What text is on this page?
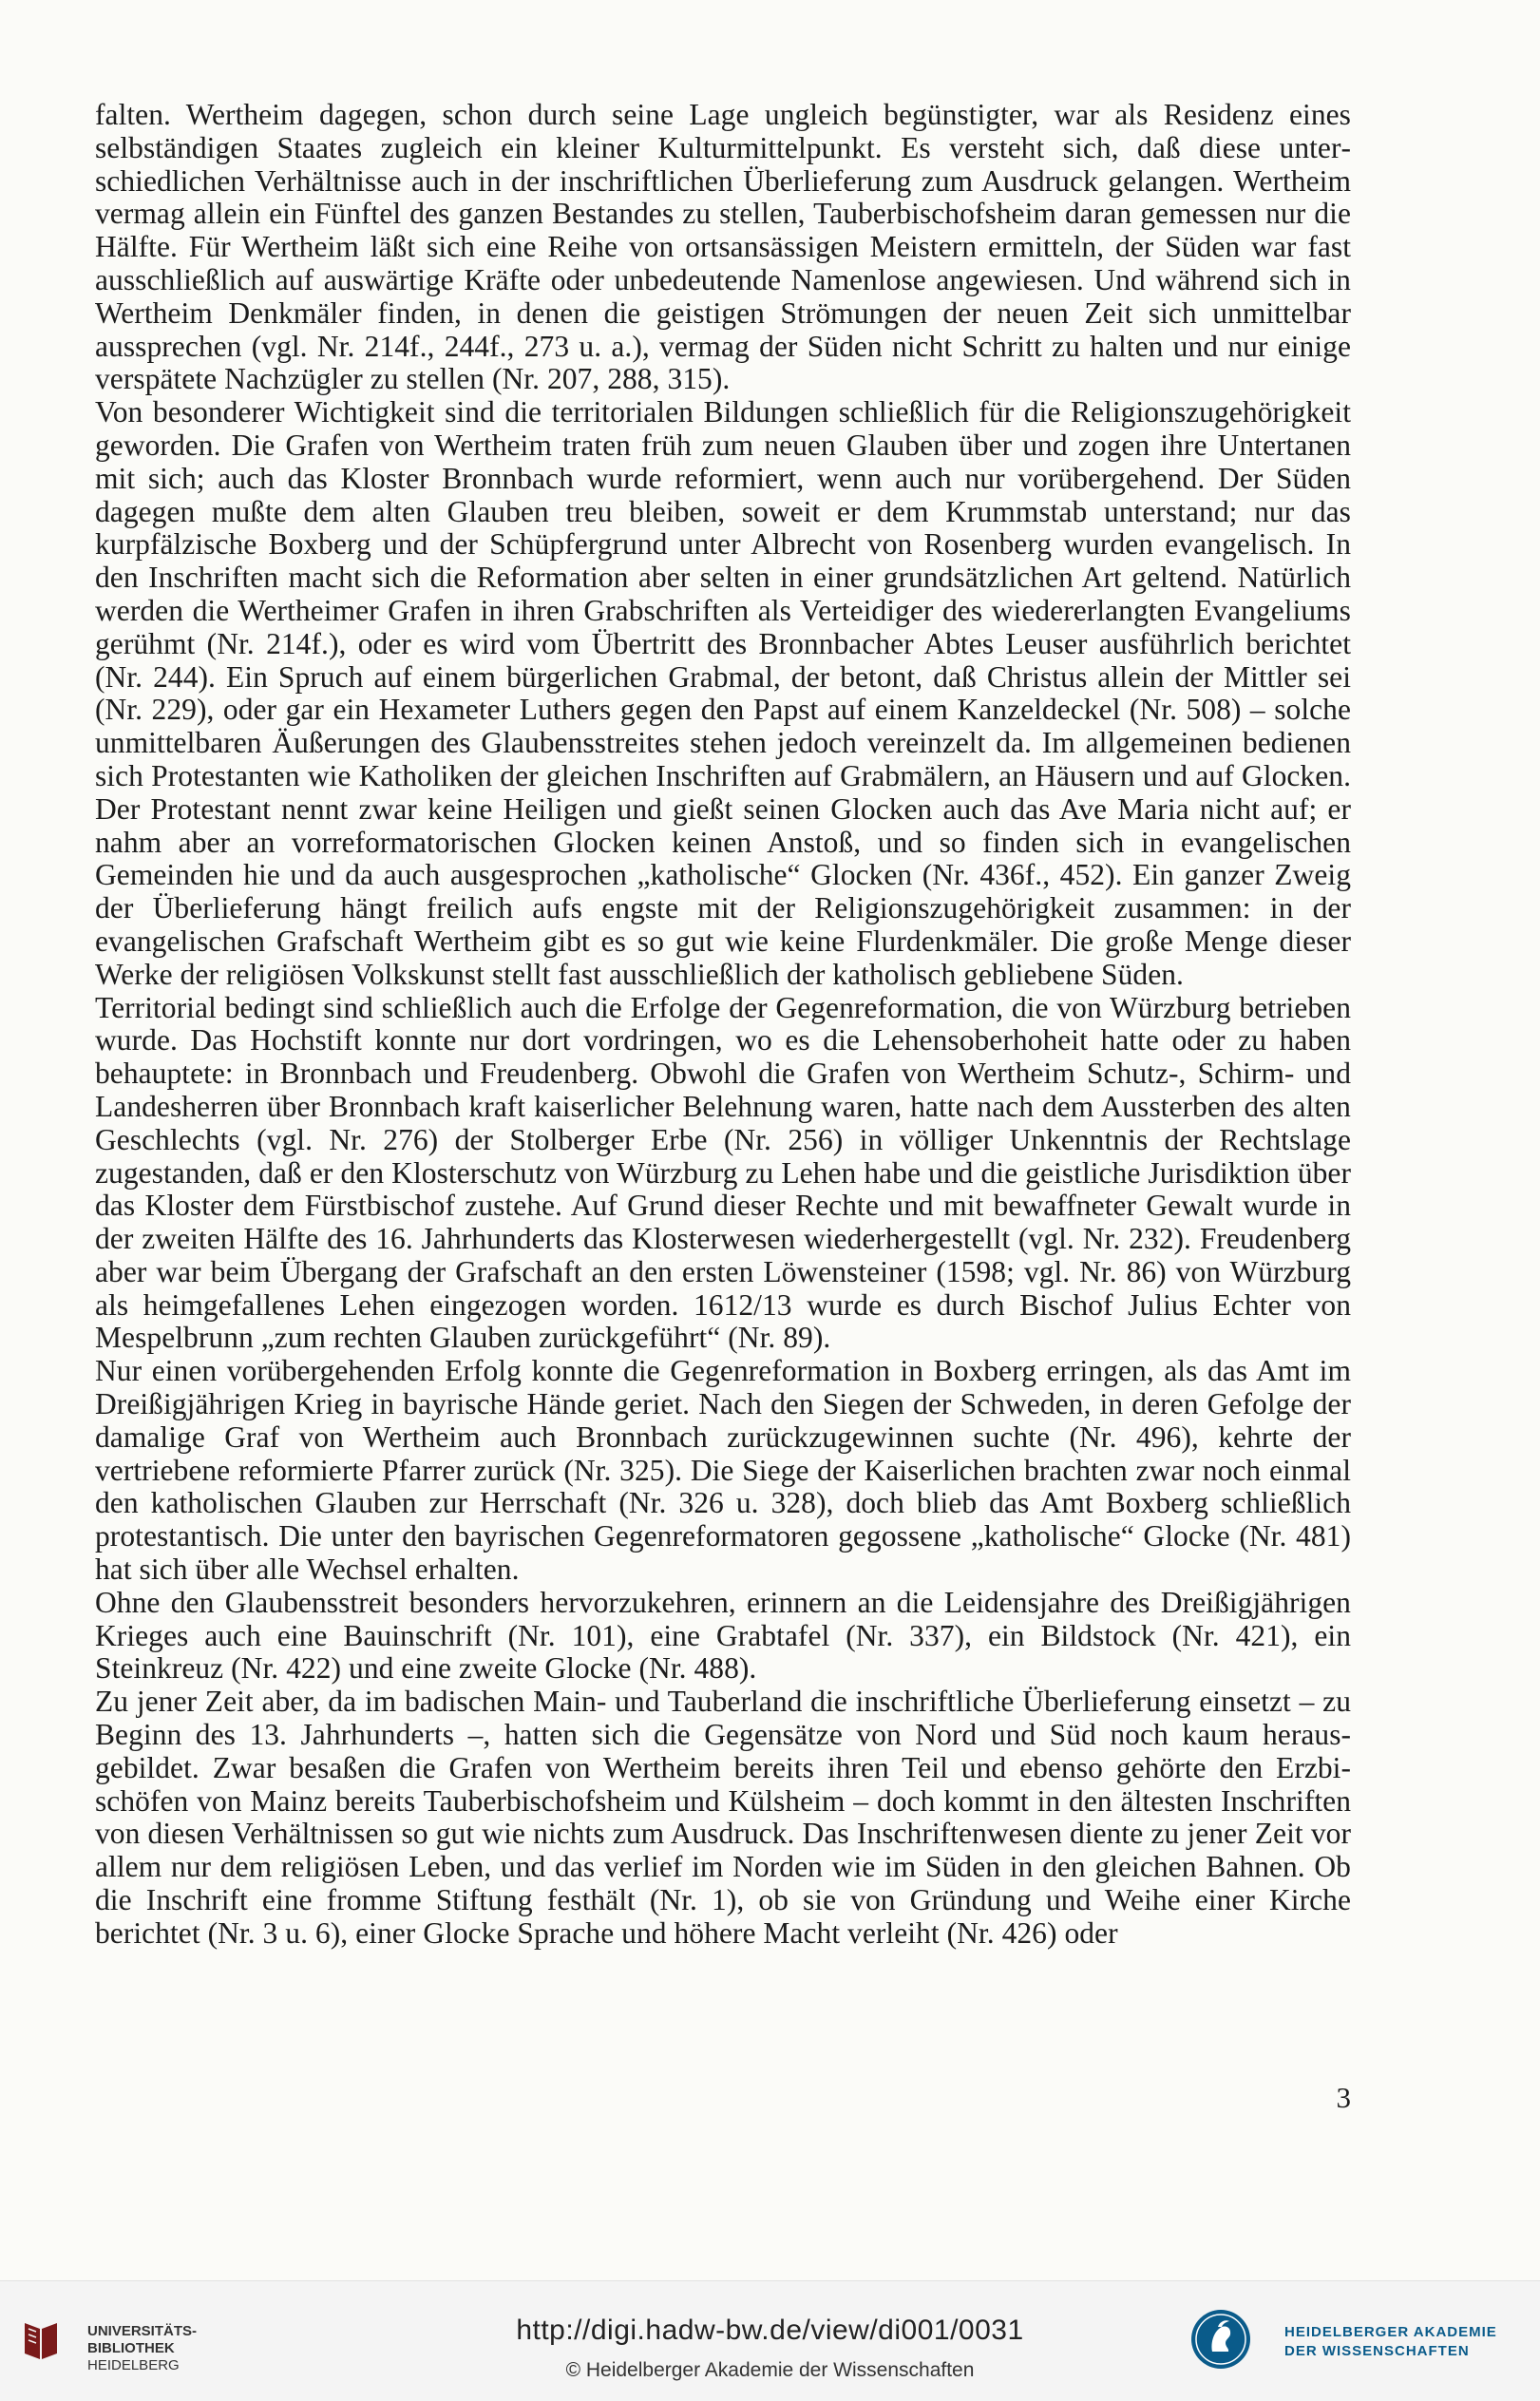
falten. Wertheim dagegen, schon durch seine Lage ungleich begünstigter, war als Residenz eines selbständigen Staates zugleich ein kleiner Kulturmittelpunkt. Es versteht sich, daß diese unterschiedlichen Verhältnisse auch in der inschriftlichen Überlieferung zum Ausdruck gelangen. Wertheim vermag allein ein Fünftel des ganzen Bestandes zu stellen, Tauberbischofsheim daran gemessen nur die Hälfte. Für Wertheim läßt sich eine Reihe von ortsansässigen Meistern ermitteln, der Süden war fast ausschließlich auf auswärtige Kräfte oder unbedeutende Namenlose angewiesen. Und während sich in Wertheim Denkmäler finden, in denen die geistigen Strömungen der neuen Zeit sich unmittelbar aussprechen (vgl. Nr. 214f., 244f., 273 u. a.), vermag der Süden nicht Schritt zu halten und nur einige verspätete Nachzügler zu stellen (Nr. 207, 288, 315).

Von besonderer Wichtigkeit sind die territorialen Bildungen schließlich für die Religionszugehörigkeit geworden. Die Grafen von Wertheim traten früh zum neuen Glauben über und zogen ihre Untertanen mit sich; auch das Kloster Bronnbach wurde reformiert, wenn auch nur vorübergehend. Der Süden dagegen mußte dem alten Glauben treu bleiben, soweit er dem Krummstab unterstand; nur das kurpfälzische Boxberg und der Schüpfergrund unter Albrecht von Rosenberg wurden evangelisch. In den Inschriften macht sich die Reformation aber selten in einer grundsätzlichen Art geltend. Natürlich werden die Wertheimer Grafen in ihren Grabschriften als Verteidiger des wiedererlangten Evangeliums gerühmt (Nr. 214f.), oder es wird vom Übertritt des Bronnbacher Abtes Leuser ausführlich berichtet (Nr. 244). Ein Spruch auf einem bürgerlichen Grabmal, der betont, daß Christus allein der Mittler sei (Nr. 229), oder gar ein Hexameter Luthers gegen den Papst auf einem Kanzeldeckel (Nr. 508) – solche unmittelbaren Äußerungen des Glaubensstreites stehen jedoch vereinzelt da. Im allgemeinen bedienen sich Protestanten wie Katholiken der gleichen Inschriften auf Grabmälern, an Häusern und auf Glocken. Der Protestant nennt zwar keine Heiligen und gießt seinen Glocken auch das Ave Maria nicht auf; er nahm aber an vorreformatorischen Glocken keinen Anstoß, und so finden sich in evangelischen Gemeinden hie und da auch ausgesprochen „katholische“ Glocken (Nr. 436f., 452). Ein ganzer Zweig der Überlieferung hängt freilich aufs engste mit der Religionszugehörigkeit zusammen: in der evangelischen Grafschaft Wertheim gibt es so gut wie keine Flurdenkmäler. Die große Menge dieser Werke der religiösen Volkskunst stellt fast ausschließlich der katholisch gebliebene Süden.

Territorial bedingt sind schließlich auch die Erfolge der Gegenreformation, die von Würzburg betrieben wurde. Das Hochstift konnte nur dort vordringen, wo es die Lehensoberhoheit hatte oder zu haben behauptete: in Bronnbach und Freudenberg. Obwohl die Grafen von Wertheim Schutz-, Schirm- und Landesherren über Bronnbach kraft kaiserlicher Belehnung waren, hatte nach dem Aussterben des alten Geschlechts (vgl. Nr. 276) der Stolberger Erbe (Nr. 256) in völliger Unkenntnis der Rechtslage zugestanden, daß er den Klosterschutz von Würzburg zu Lehen habe und die geistliche Jurisdiktion über das Kloster dem Fürstbischof zustehe. Auf Grund dieser Rechte und mit bewaffneter Gewalt wurde in der zweiten Hälfte des 16. Jahrhunderts das Klosterwesen wiederhergestellt (vgl. Nr. 232). Freudenberg aber war beim Übergang der Grafschaft an den ersten Löwensteiner (1598; vgl. Nr. 86) von Würzburg als heimgefallenes Lehen eingezogen worden. 1612/13 wurde es durch Bischof Julius Echter von Mespelbrunn „zum rechten Glauben zurückgeführt“ (Nr. 89).

Nur einen vorübergehenden Erfolg konnte die Gegenreformation in Boxberg erringen, als das Amt im Dreißigjährigen Krieg in bayrische Hände geriet. Nach den Siegen der Schweden, in deren Gefolge der damalige Graf von Wertheim auch Bronnbach zurückzugewinnen suchte (Nr. 496), kehrte der vertriebene reformierte Pfarrer zurück (Nr. 325). Die Siege der Kaiserlichen brachten zwar noch einmal den katholischen Glauben zur Herrschaft (Nr. 326 u. 328), doch blieb das Amt Boxberg schließlich protestantisch. Die unter den bayrischen Gegenreformatoren gegossene „katholische“ Glocke (Nr. 481) hat sich über alle Wechsel erhalten.

Ohne den Glaubensstreit besonders hervorzukehren, erinnern an die Leidensjahre des Dreißigjährigen Krieges auch eine Bauinschrift (Nr. 101), eine Grabtafel (Nr. 337), ein Bildstock (Nr. 421), ein Steinkreuz (Nr. 422) und eine zweite Glocke (Nr. 488).

Zu jener Zeit aber, da im badischen Main- und Tauberland die inschriftliche Überlieferung einsetzt – zu Beginn des 13. Jahrhunderts –, hatten sich die Gegensätze von Nord und Süd noch kaum herausgebildet. Zwar besaßen die Grafen von Wertheim bereits ihren Teil und ebenso gehörte den Erzbischöfen von Mainz bereits Tauberbischofsheim und Külsheim – doch kommt in den ältesten Inschriften von diesen Verhältnissen so gut wie nichts zum Ausdruck. Das Inschriftenwesen diente zu jener Zeit vor allem nur dem religiösen Leben, und das verlief im Norden wie im Süden in den gleichen Bahnen. Ob die Inschrift eine fromme Stiftung festhält (Nr. 1), ob sie von Gründung und Weihe einer Kirche berichtet (Nr. 3 u. 6), einer Glocke Sprache und höhere Macht verleiht (Nr. 426) oder

3
UNIVERSITÄTS-
BIBLIOTHEK
HEIDELBERG
http://digi.hadw-bw.de/view/di001/0031
© Heidelberger Akademie der Wissenschaften
HEIDELBERGER AKADEMIE
DER WISSENSCHAFTEN
